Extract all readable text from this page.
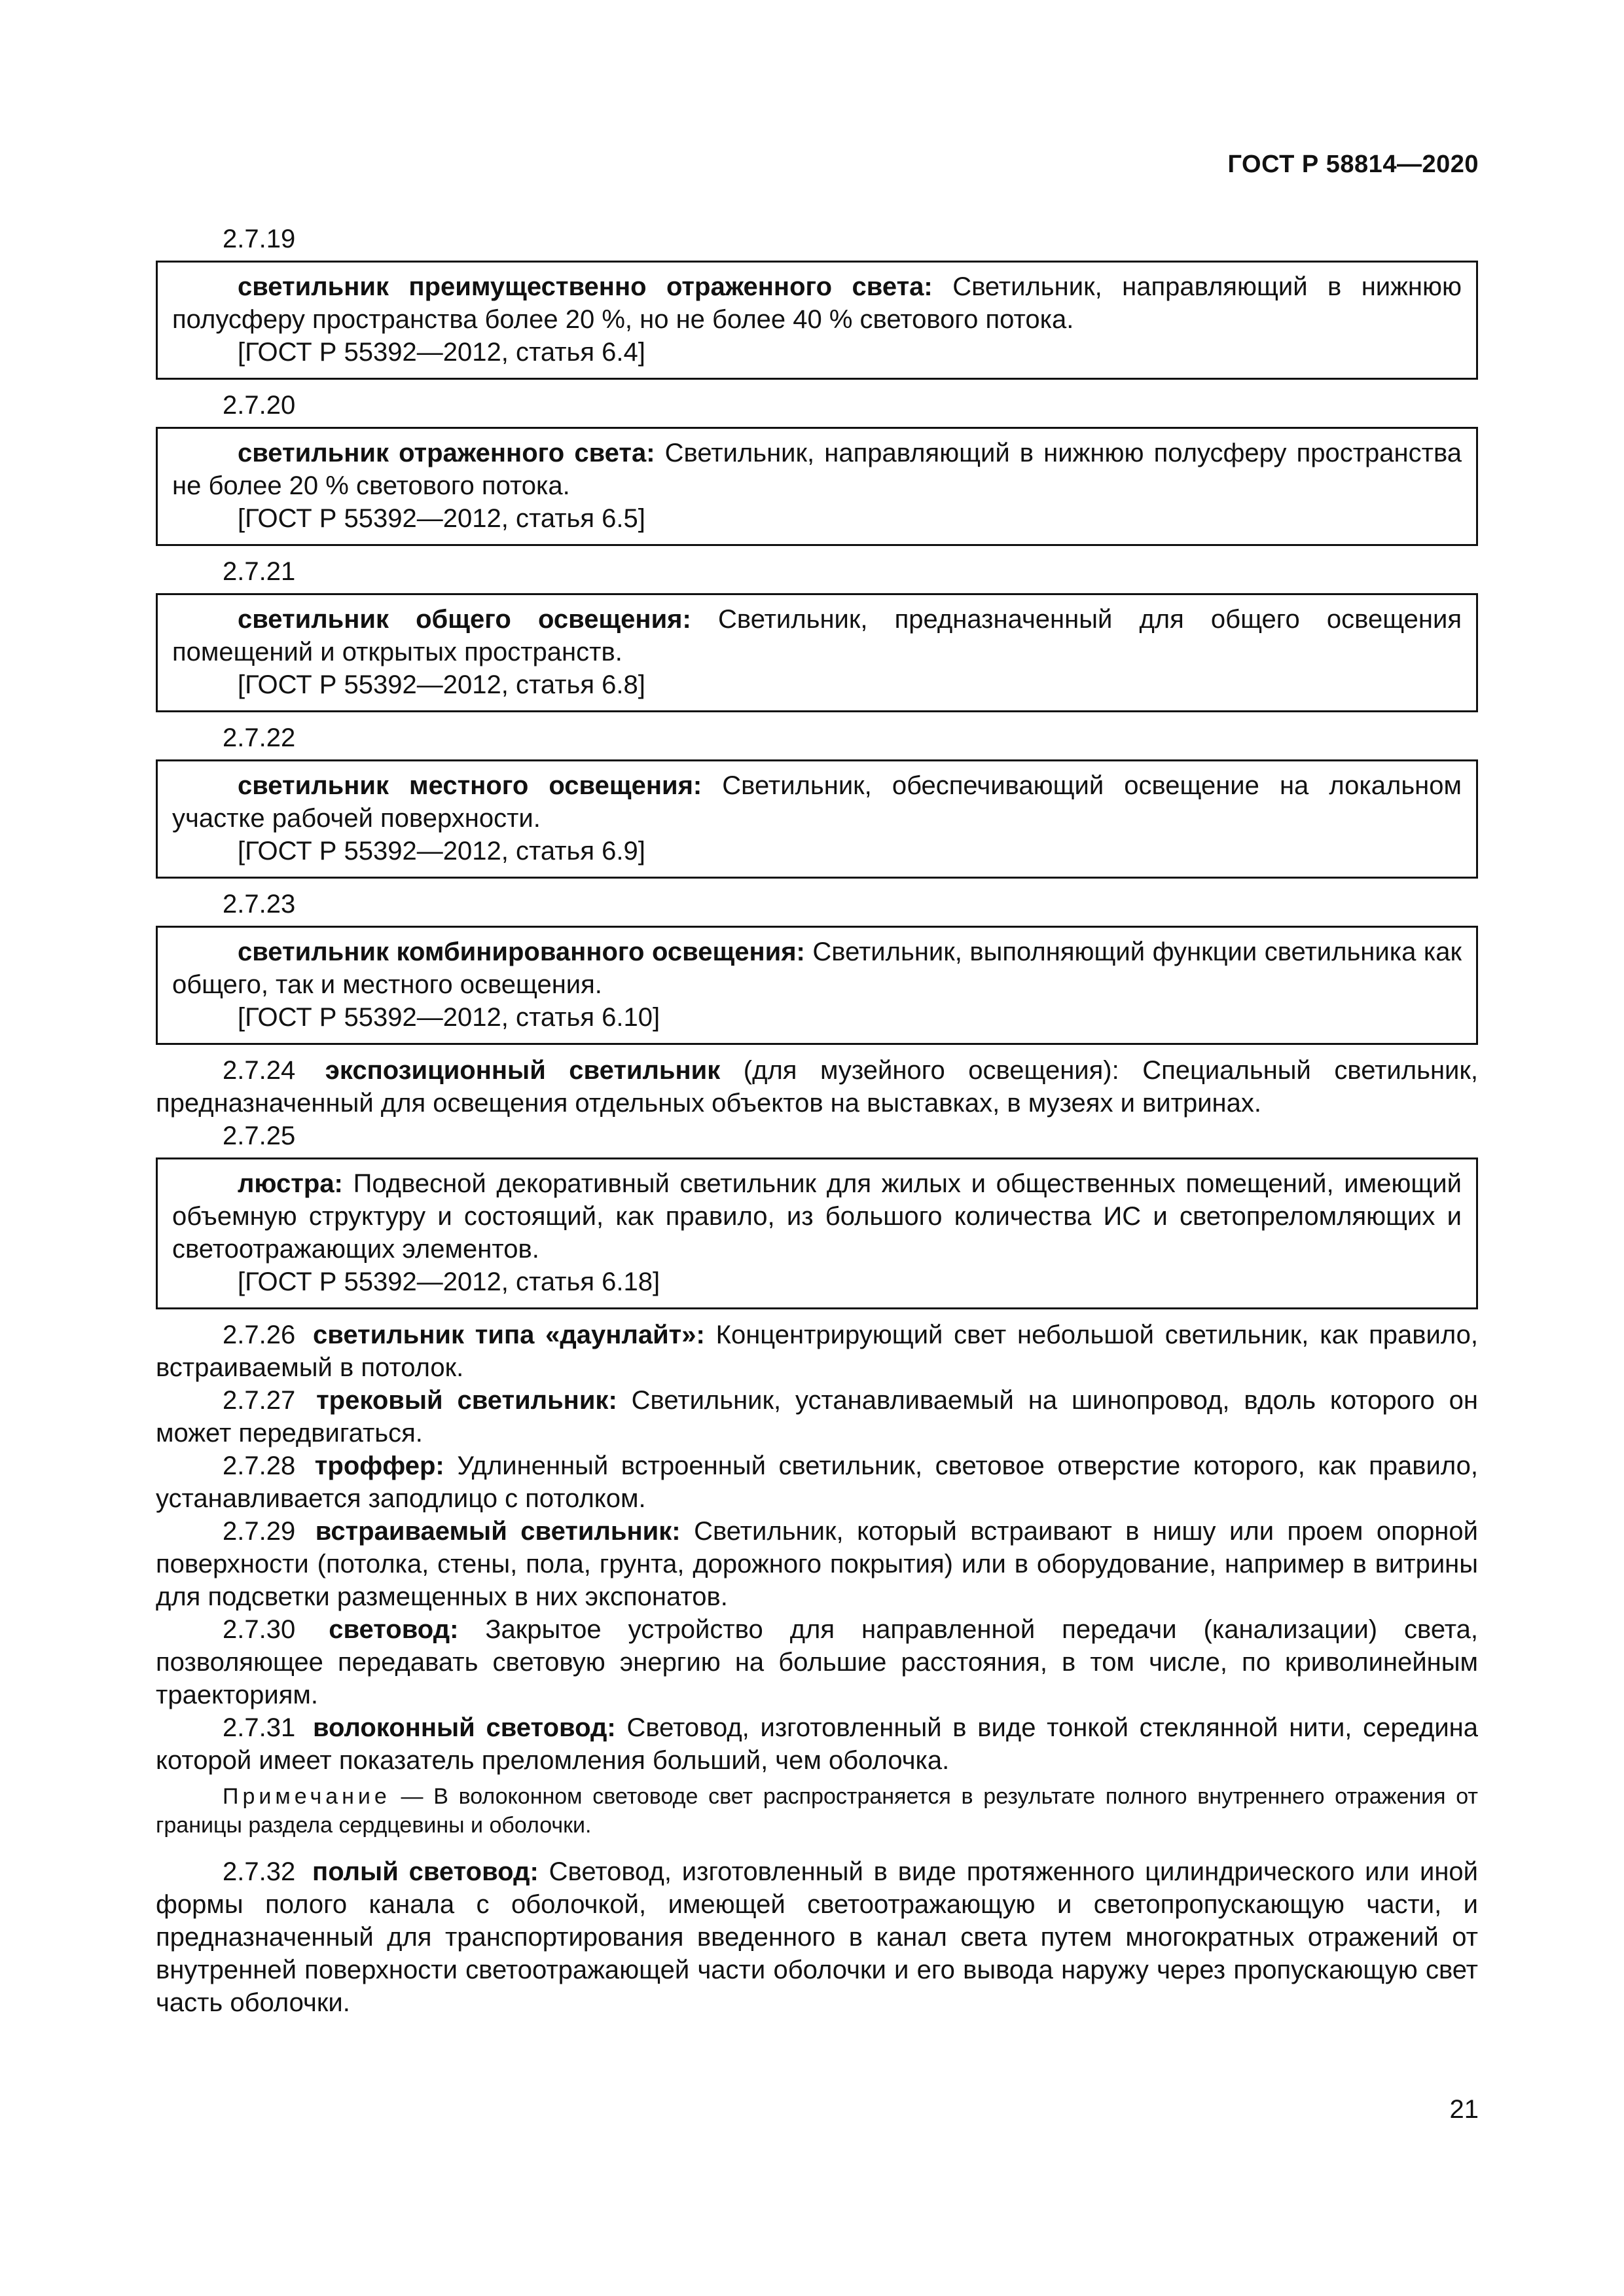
ГОСТ Р 58814—2020

2.7.19

светильник преимущественно отраженного света: Светильник, направляющий в нижнюю полусферу пространства более 20 %, но не более 40 % светового потока.

[ГОСТ Р 55392—2012, статья 6.4]

2.7.20

светильник отраженного света: Светильник, направляющий в нижнюю полусферу пространства не более 20 % светового потока.

[ГОСТ Р 55392—2012, статья 6.5]

2.7.21

светильник общего освещения: Светильник, предназначенный для общего освещения помещений и открытых пространств.

[ГОСТ Р 55392—2012, статья 6.8]

2.7.22

светильник местного освещения: Светильник, обеспечивающий освещение на локальном участке рабочей поверхности.

[ГОСТ Р 55392—2012, статья 6.9]

2.7.23

светильник комбинированного освещения: Светильник, выполняющий функции светильника как общего, так и местного освещения.

[ГОСТ Р 55392—2012, статья 6.10]

2.7.24 экспозиционный светильник (для музейного освещения): Специальный светильник, предназначенный для освещения отдельных объектов на выставках, в музеях и витринах.

2.7.25

люстра: Подвесной декоративный светильник для жилых и общественных помещений, имеющий объемную структуру и состоящий, как правило, из большого количества ИС и светопреломляющих и светоотражающих элементов.

[ГОСТ Р 55392—2012, статья 6.18]

2.7.26 светильник типа «даунлайт»: Концентрирующий свет небольшой светильник, как правило, встраиваемый в потолок.

2.7.27 трековый светильник: Светильник, устанавливаемый на шинопровод, вдоль которого он может передвигаться.

2.7.28 троффер: Удлиненный встроенный светильник, световое отверстие которого, как правило, устанавливается заподлицо с потолком.

2.7.29 встраиваемый светильник: Светильник, который встраивают в нишу или проем опорной поверхности (потолка, стены, пола, грунта, дорожного покрытия) или в оборудование, например в витрины для подсветки размещенных в них экспонатов.

2.7.30 световод: Закрытое устройство для направленной передачи (канализации) света, позволяющее передавать световую энергию на большие расстояния, в том числе, по криволинейным траекториям.

2.7.31 волоконный световод: Световод, изготовленный в виде тонкой стеклянной нити, середина которой имеет показатель преломления больший, чем оболочка.

Примечание — В волоконном световоде свет распространяется в результате полного внутреннего отражения от границы раздела сердцевины и оболочки.

2.7.32 полый световод: Световод, изготовленный в виде протяженного цилиндрического или иной формы полого канала с оболочкой, имеющей светоотражающую и светопропускающую части, и предназначенный для транспортирования введенного в канал света путем многократных отражений от внутренней поверхности светоотражающей части оболочки и его вывода наружу через пропускающую свет часть оболочки.

21
